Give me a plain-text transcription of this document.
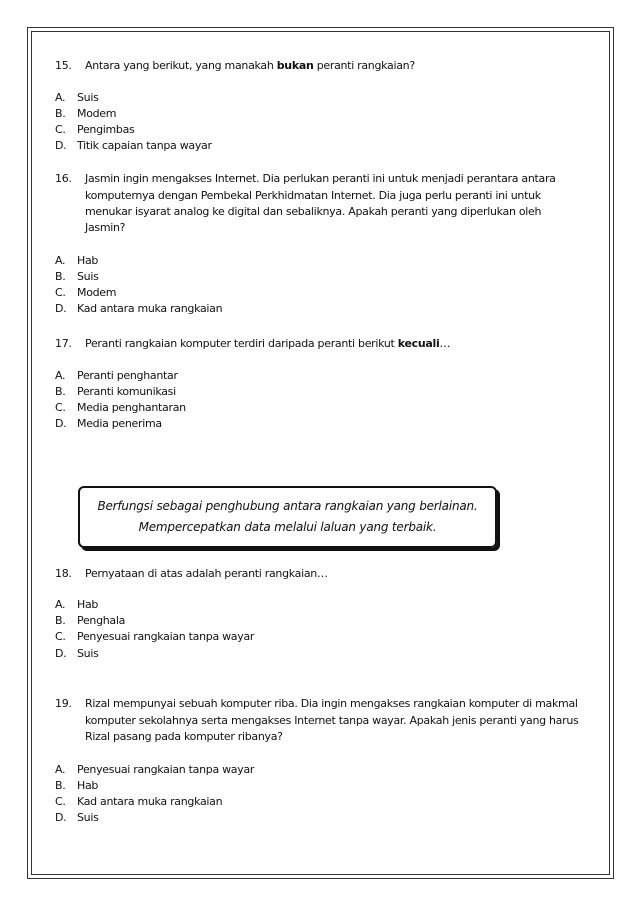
15. Antara yang berikut, yang manakah bukan peranti rangkaian?
A. Suis
B. Modem
C. Pengimbas
D. Titik capaian tanpa wayar
16. Jasmin ingin mengakses Internet. Dia perlukan peranti ini untuk menjadi perantara antara
komputernya dengan Pembekal Perkhidmatan Internet. Dia juga perlu peranti ini untuk
menukar isyarat analog ke digital dan sebaliknya. Apakah peranti yang diperlukan oleh
Jasmin?
A. Hab
B. Suis
C. Modem
D. Kad antara muka rangkaian
17. Peranti rangkaian komputer terdiri daripada peranti berikut kecuali…
A. Peranti penghantar
B. Peranti komunikasi
C. Media penghantaran
D. Media penerima
18. Pernyataan di atas adalah peranti rangkaian…
A. Hab
B. Penghala
C. Penyesuai rangkaian tanpa wayar
D. Suis
19. Rizal mempunyai sebuah komputer riba. Dia ingin mengakses rangkaian komputer di makmal
komputer sekolahnya serta mengakses Internet tanpa wayar. Apakah jenis peranti yang harus
Rizal pasang pada komputer ribanya?
A. Penyesuai rangkaian tanpa wayar
B. Hab
C. Kad antara muka rangkaian
D. Suis
Berfungsi sebagai penghubung antara rangkaian yang berlainan.
Mempercepatkan data melalui laluan yang terbaik.
